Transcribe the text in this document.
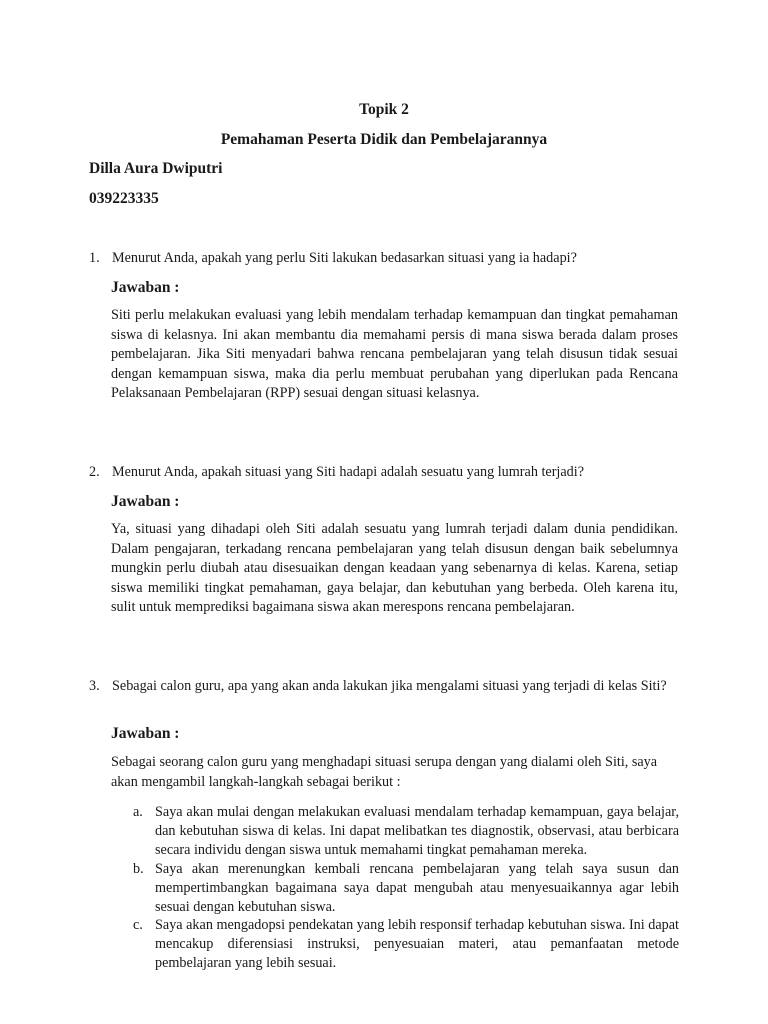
Topik 2
Pemahaman Peserta Didik dan Pembelajarannya
Dilla Aura Dwiputri
039223335
1. Menurut Anda, apakah yang perlu Siti lakukan bedasarkan situasi yang ia hadapi?
Jawaban :
Siti perlu melakukan evaluasi yang lebih mendalam terhadap kemampuan dan tingkat pemahaman siswa di kelasnya. Ini akan membantu dia memahami persis di mana siswa berada dalam proses pembelajaran. Jika Siti menyadari bahwa rencana pembelajaran yang telah disusun tidak sesuai dengan kemampuan siswa, maka dia perlu membuat perubahan yang diperlukan pada Rencana Pelaksanaan Pembelajaran (RPP) sesuai dengan situasi kelasnya.
2. Menurut Anda, apakah situasi yang Siti hadapi adalah sesuatu yang lumrah terjadi?
Jawaban :
Ya, situasi yang dihadapi oleh Siti adalah sesuatu yang lumrah terjadi dalam dunia pendidikan. Dalam pengajaran, terkadang rencana pembelajaran yang telah disusun dengan baik sebelumnya mungkin perlu diubah atau disesuaikan dengan keadaan yang sebenarnya di kelas. Karena, setiap siswa memiliki tingkat pemahaman, gaya belajar, dan kebutuhan yang berbeda. Oleh karena itu, sulit untuk memprediksi bagaimana siswa akan merespons rencana pembelajaran.
3. Sebagai calon guru, apa yang akan anda lakukan jika mengalami situasi yang terjadi di kelas Siti?
Jawaban :
Sebagai seorang calon guru yang menghadapi situasi serupa dengan yang dialami oleh Siti, saya akan mengambil langkah-langkah sebagai berikut :
a. Saya akan mulai dengan melakukan evaluasi mendalam terhadap kemampuan, gaya belajar, dan kebutuhan siswa di kelas. Ini dapat melibatkan tes diagnostik, observasi, atau berbicara secara individu dengan siswa untuk memahami tingkat pemahaman mereka.
b. Saya akan merenungkan kembali rencana pembelajaran yang telah saya susun dan mempertimbangkan bagaimana saya dapat mengubah atau menyesuaikannya agar lebih sesuai dengan kebutuhan siswa.
c. Saya akan mengadopsi pendekatan yang lebih responsif terhadap kebutuhan siswa. Ini dapat mencakup diferensiasi instruksi, penyesuaian materi, atau pemanfaatan metode pembelajaran yang lebih sesuai.
